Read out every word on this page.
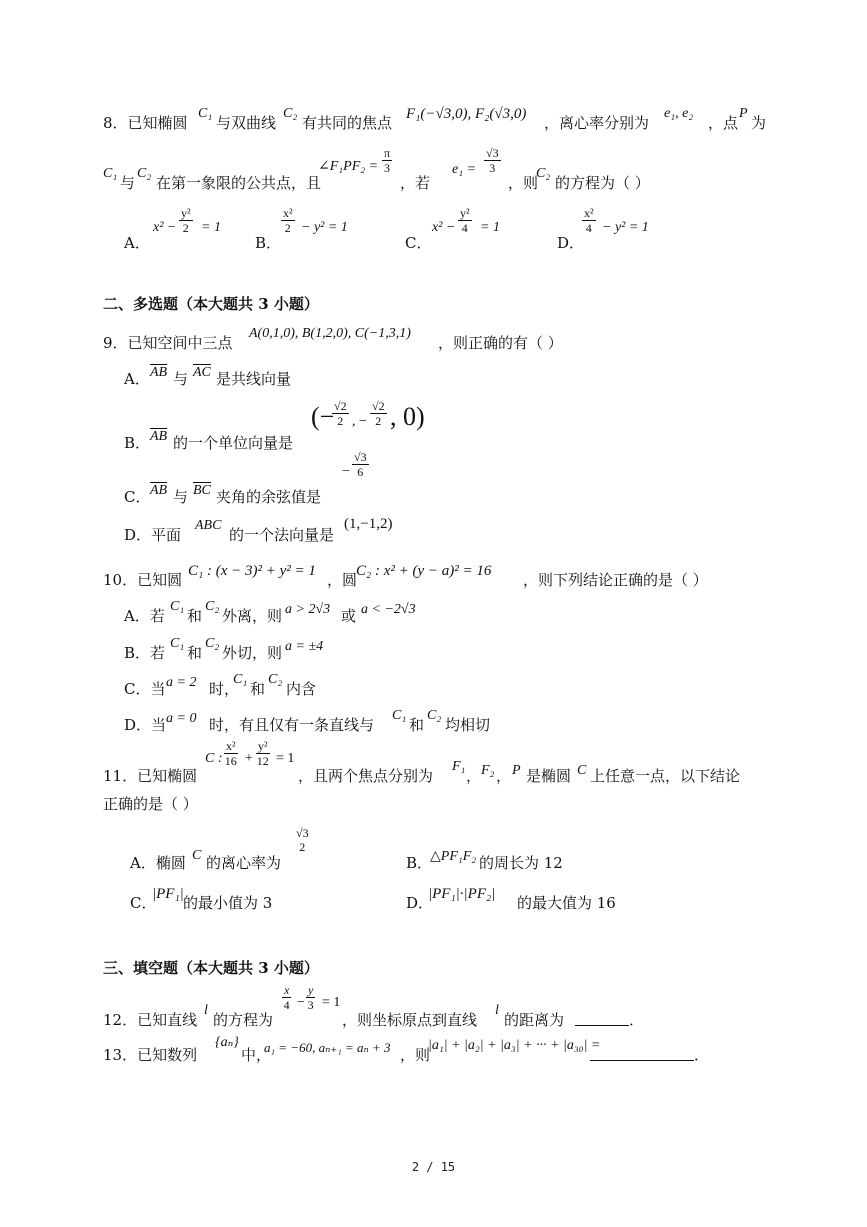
8．已知椭圆
C₁
与双曲线
C₂
有共同的焦点 F₁(−√3,0), F₂(√3,0) ，离心率分别为
e₁, e₂
，点
P
为
C₁
与
C₂
在第一象限的公共点，且
∠F₁PF₂ = $\frac{\pi}{3}$
，若
$e_1 = \frac{√3}{3}$
，则
C₂
的方程为（ ）
A．
$x^2 - \frac{\text{y²}}{2} = 1$
B．
$\frac{\text{x²}}{2} - y^2 = 1$
C．
$x^2 - \frac{\text{y²}}{4} = 1$
D．
$\frac{\text{x²}}{4} - y^2 = 1$
二、多选题（本大题共 3 小题）
9．已知空间中三点
A(0,1,0), B(1,2,0), C(−1,3,1)
，则正确的有（ ）
A． $\overline{AB}$ 与 $\overline{AC}$ 是共线向量
B． $\overline{AB}$ 的一个单位向量是
(−
$\frac{√2}{2}$ , − $\frac{√2}{2}$ , 0)
C． $\overline{AB}$ 与 $\overline{BC}$ 夹角的余弦值是
− $\frac{√3}{6}$
D．平面
ABC
的一个法向量是
(1,−1,2)
10．已知圆 C₁ : (x − 3)² + y² = 1 ，圆
C₂ : x² + (y − a)² = 16 ，则下列结论正确的是（ ）
A．若
C₁
和
C₂
外离，则 a > 2√3 或 a < −2√3
B．若
C₁
和
C₂
外切，则 a = ±4
C．当 a = 2 时，
C₁
和
C₂
内含
D．当 a = 0 时，有且仅有一条直线与
C₁
和
C₂
均相切
11．已知椭圆
C : $\frac{\text{x²}}{16} + \frac{\text{y²}}{12} = 1$
，且两个焦点分别为
F₁
， F₂ ， P 是椭圆 C 上任意一点，以下结论
正确的是（ ）
A．椭圆 C 的离心率为
√3
2
B．
△PF₁F₂ 的周长为 12
C．
|PF₁| 的最小值为 3	D．
|PF₁|·|PF₂| 的最大值为 16
三、填空题（本大题共 3 小题）
12．已知直线
l
的方程为
$\frac{x}{4} - \frac{y}{3} = 1$
，则坐标原点到直线
l
的距离为	．
13．已知数列
{aₙ}
中，
a₁ = −60, aₙ₊₁ = aₙ + 3 ，则
|a₁| + |a₂| + |a₃| + ··· + |a₃₀| =
．
2 / 15
